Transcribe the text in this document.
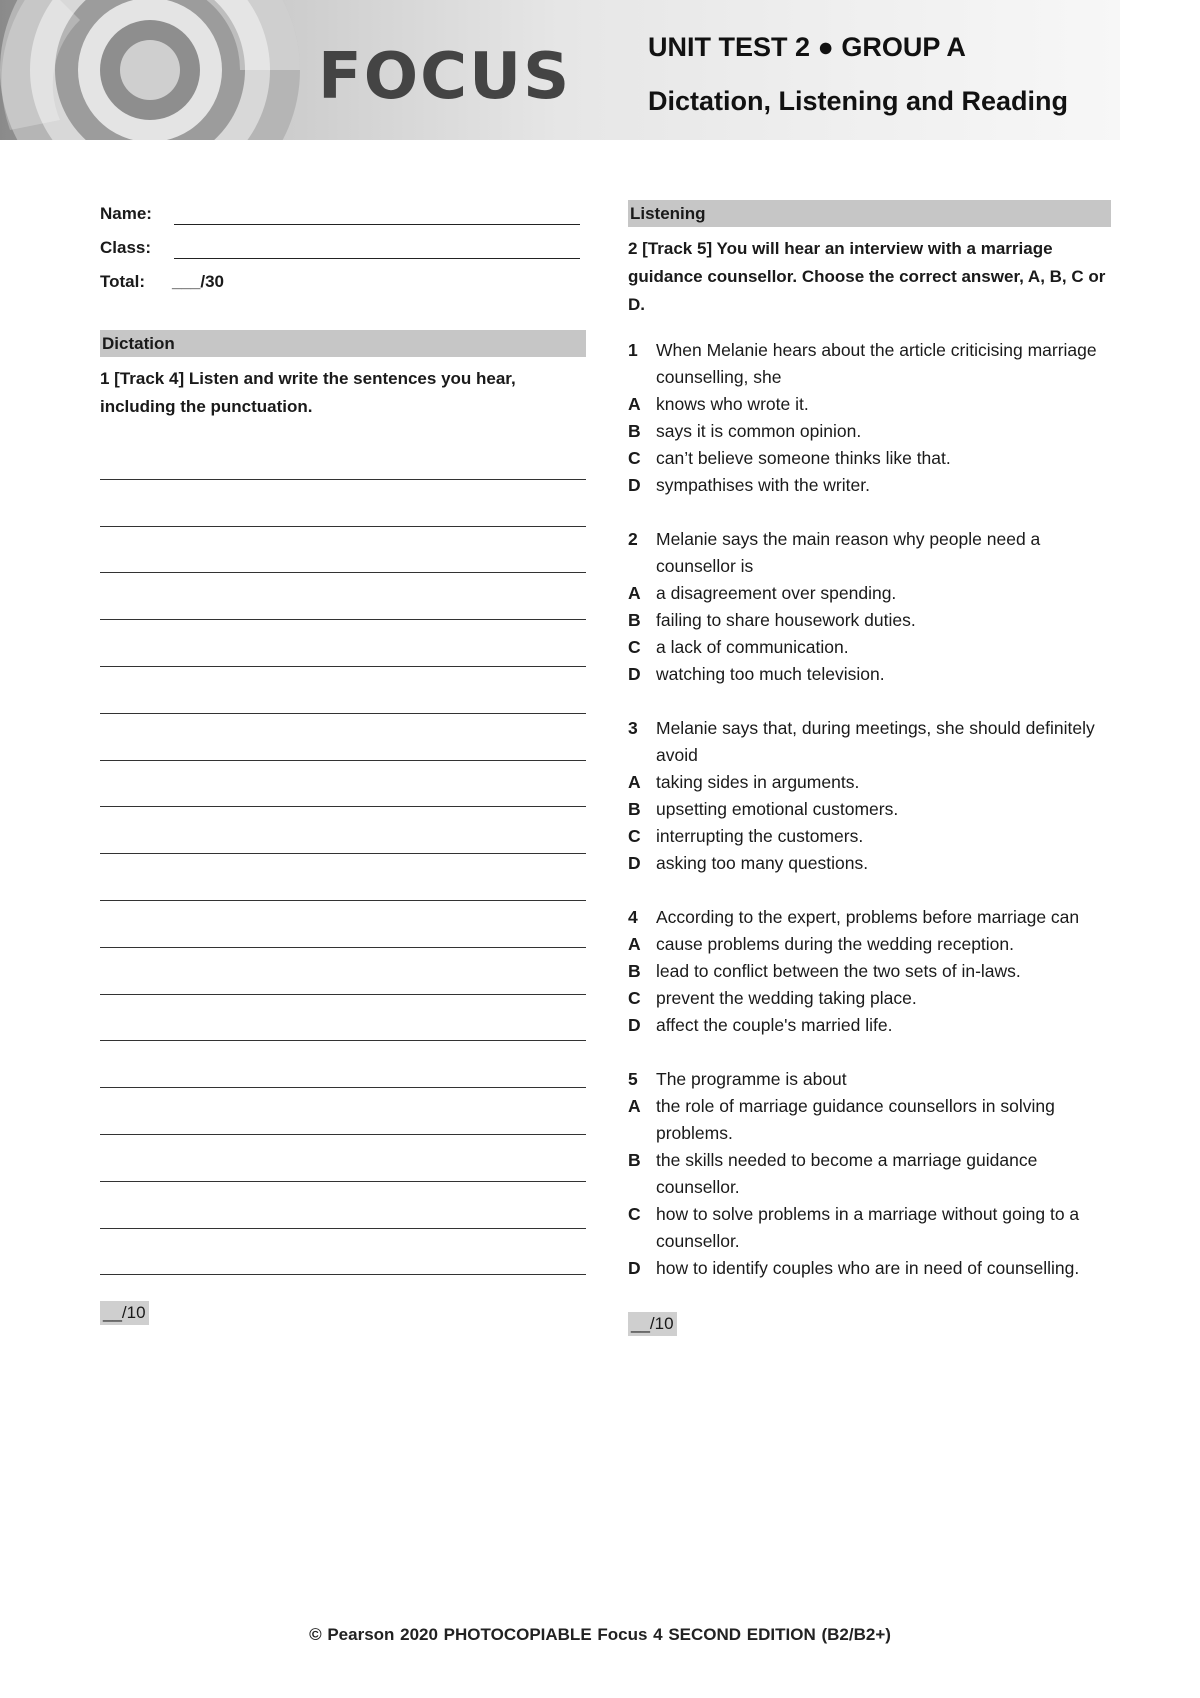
FOCUS	UNIT TEST 2 ● GROUP A
Dictation, Listening and Reading
Name:
Class:
Total: ___/30
Dictation
1 [Track 4] Listen and write the sentences you hear, including the punctuation.
__/10
Listening
2 [Track 5] You will hear an interview with a marriage guidance counsellor. Choose the correct answer, A, B, C or D.
1	When Melanie hears about the article criticising marriage counselling, she
A knows who wrote it.
B says it is common opinion.
C can’t believe someone thinks like that.
D sympathises with the writer.
2	Melanie says the main reason why people need a counsellor is
A a disagreement over spending.
B failing to share housework duties.
C a lack of communication.
D watching too much television.
3	Melanie says that, during meetings, she should definitely avoid
A taking sides in arguments.
B upsetting emotional customers.
C interrupting the customers.
D asking too many questions.
4	According to the expert, problems before marriage can
A cause problems during the wedding reception.
B lead to conflict between the two sets of in-laws.
C prevent the wedding taking place.
D affect the couple's married life.
5	The programme is about
A the role of marriage guidance counsellors in solving problems.
B the skills needed to become a marriage guidance counsellor.
C how to solve problems in a marriage without going to a counsellor.
D how to identify couples who are in need of counselling.
__/10
© Pearson 2020 PHOTOCOPIABLE Focus 4 SECOND EDITION (B2/B2+)
